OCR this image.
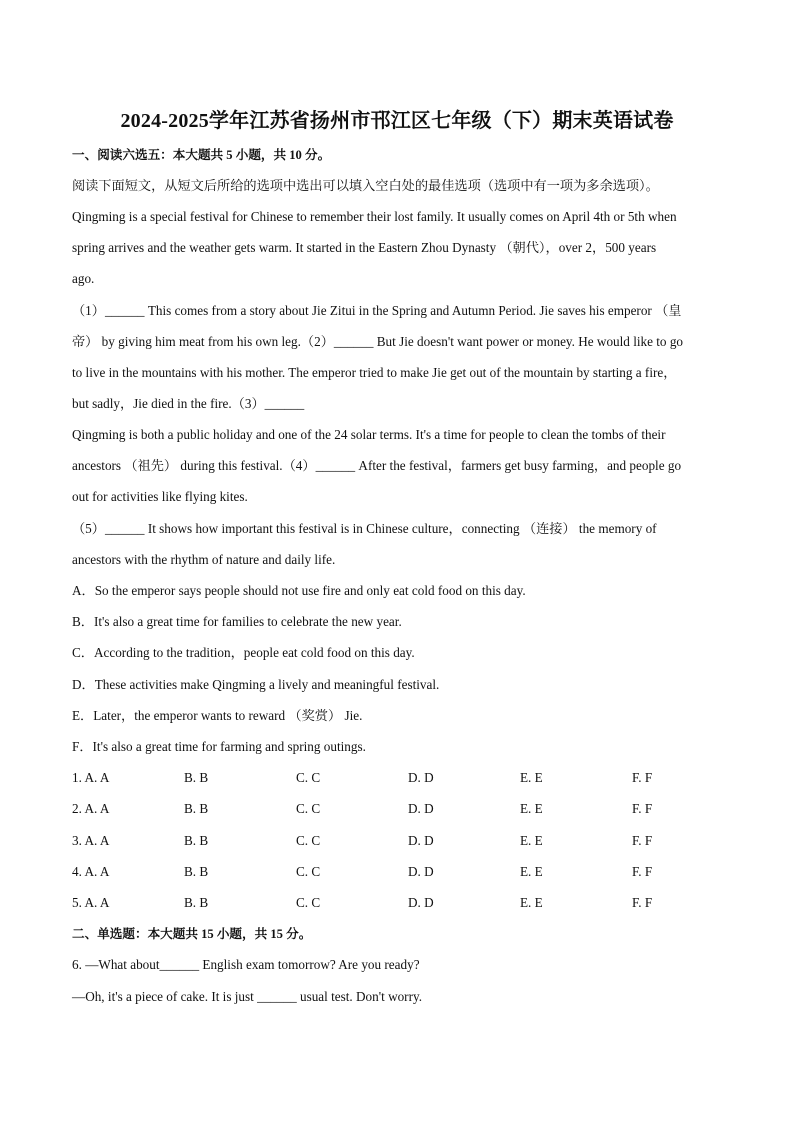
2024-2025学年江苏省扬州市邗江区七年级（下）期末英语试卷
一、阅读六选五：本大题共 5 小题，共 10 分。
阅读下面短文，从短文后所给的选项中选出可以填入空白处的最佳选项（选项中有一项为多余选项）。
Qingming is a special festival for Chinese to remember their lost family. It usually comes on April 4th or 5th when
spring arrives and the weather gets warm. It started in the Eastern Zhou Dynasty （朝代），over 2，500 years
ago.
（1）______ This comes from a story about Jie Zitui in the Spring and Autumn Period. Jie saves his emperor （皇
帝） by giving him meat from his own leg.（2）______ But Jie doesn't want power or money. He would like to go
to live in the mountains with his mother. The emperor tried to make Jie get out of the mountain by starting a fire，
but sadly，Jie died in the fire.（3）______
Qingming is both a public holiday and one of the 24 solar terms. It's a time for people to clean the tombs of their
ancestors （祖先） during this festival.（4）______ After the festival，farmers get busy farming，and people go
out for activities like flying kites.
（5）______ It shows how important this festival is in Chinese culture，connecting （连接） the memory of
ancestors with the rhythm of nature and daily life.
A．So the emperor says people should not use fire and only eat cold food on this day.
B．It's also a great time for families to celebrate the new year.
C．According to the tradition，people eat cold food on this day.
D．These activities make Qingming a lively and meaningful festival.
E．Later，the emperor wants to reward （奖赏） Jie.
F．It's also a great time for farming and spring outings.
1. A. A	B. B	C. C	D. D	E. E	F. F
2. A. A	B. B	C. C	D. D	E. E	F. F
3. A. A	B. B	C. C	D. D	E. E	F. F
4. A. A	B. B	C. C	D. D	E. E	F. F
5. A. A	B. B	C. C	D. D	E. E	F. F
二、单选题：本大题共 15 小题，共 15 分。
6. —What about______ English exam tomorrow? Are you ready?
—Oh, it's a piece of cake. It is just ______ usual test. Don't worry.
